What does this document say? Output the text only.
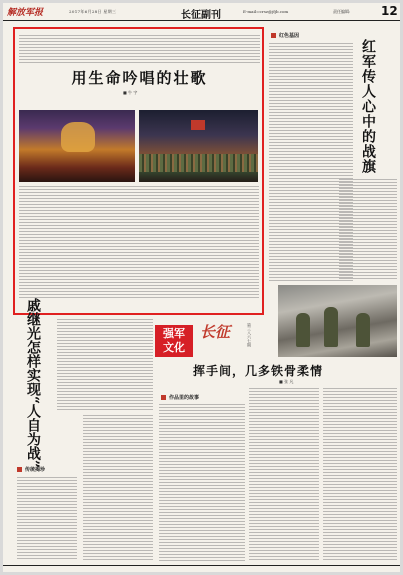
解放军报	2017年6月28日 星期三	长征副刊	E-mail:ccrsz@jfjb.com	责任编辑:	12
用生命吟唱的壮歌
■ 牛 宇
红色基因
红军传人心中的战旗
戚继光怎样实现“人自为战”
传统揭珍
强军
文化
长征	第三八六七期
挥手间，几多铁骨柔情
■ 张 凡
作品里的故事
